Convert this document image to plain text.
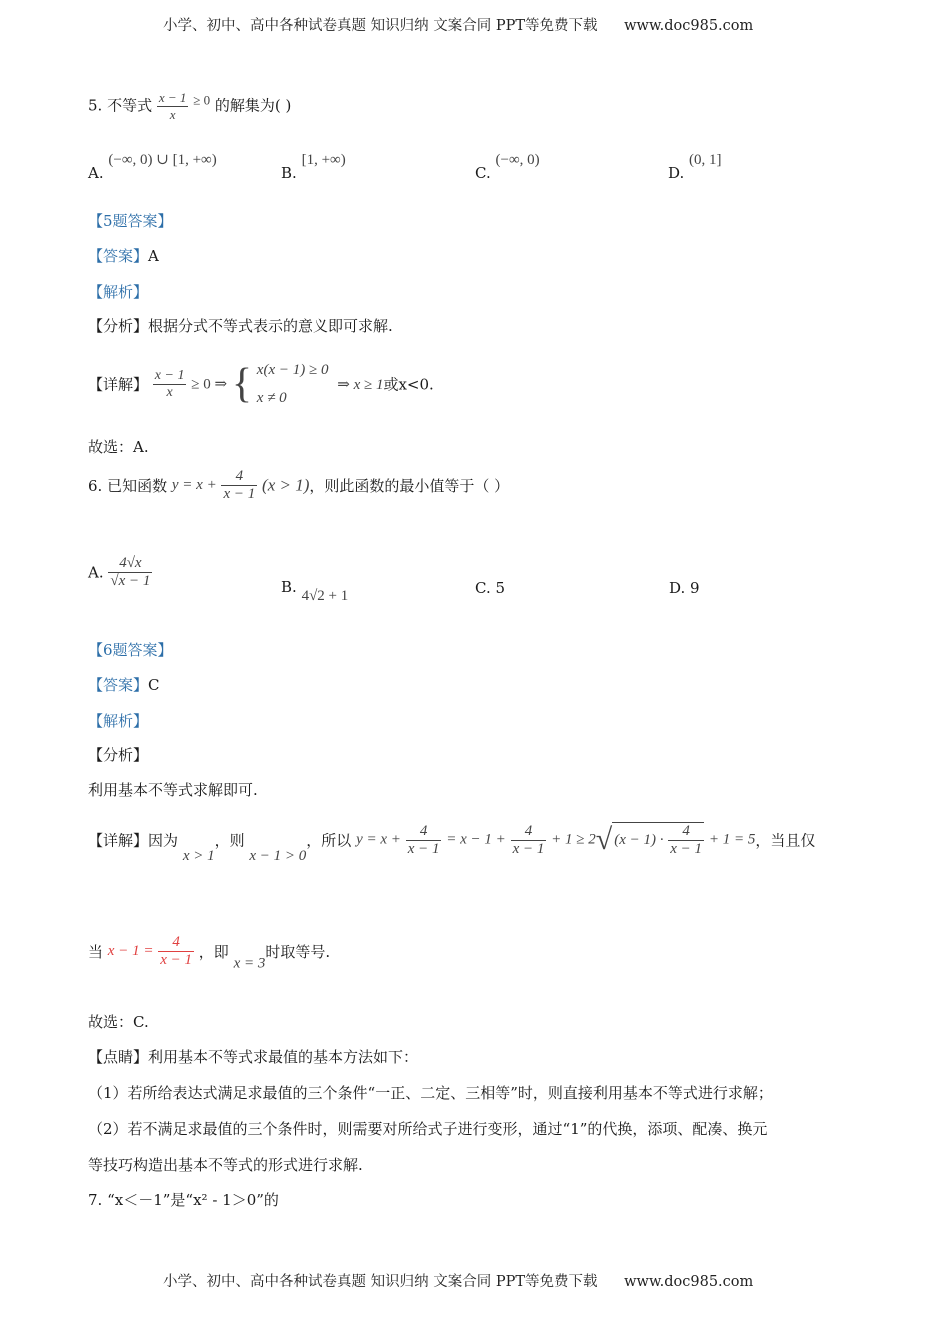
小学、初中、高中各种试卷真题 知识归纳 文案合同 PPT等免费下载 www.doc985.com
小学、初中、高中各种试卷真题 知识归纳 文案合同 PPT等免费下载 www.doc985.com
5. 不等式 $\frac{x - 1}{x} \ge 0$ 的解集为( )
A. (−∞, 0) ∪ [1, +∞)
B. [1, +∞)
C. (−∞, 0)
D. (0, 1]
【5题答案】
【答案】A
【解析】
【分析】根据分式不等式表示的意义即可求解.
【详解】 $\frac{x - 1}{x} \ge 0$ ⇒ { x(x − 1) ≥ 0
x ≠ 0
⇒ x ≥ 1或x<0.
故选：A.
6. 已知函数 $y = x + \frac{4}{x - 1} (x > 1)$，则此函数的最小值等于（ ）
A. $\frac{4√x}{√x - 1}$	B. 4√2 + 1	C. 5	D. 9
【6题答案】
【答案】C
【解析】
【分析】
利用基本不等式求解即可.
【详解】因为 x > 1，则 x − 1 > 0，所以 $y = x + \frac{4}{x - 1} = x - 1 + \frac{4}{x - 1} + 1 \ge 2√$ $(x - 1) \cdot \frac{4}{x - 1} + 1 = 5$，当且仅
当 $x - 1 = \frac{4}{x - 1}$ ，即 x = 3时取等号.
故选：C.
【点睛】利用基本不等式求最值的基本方法如下：
（1）若所给表达式满足求最值的三个条件“一正、二定、三相等”时，则直接利用基本不等式进行求解；
（2）若不满足求最值的三个条件时，则需要对所给式子进行变形，通过“1”的代换，添项、配凑、换元
等技巧构造出基本不等式的形式进行求解.
7. “x＜－1”是“x² - 1＞0”的
